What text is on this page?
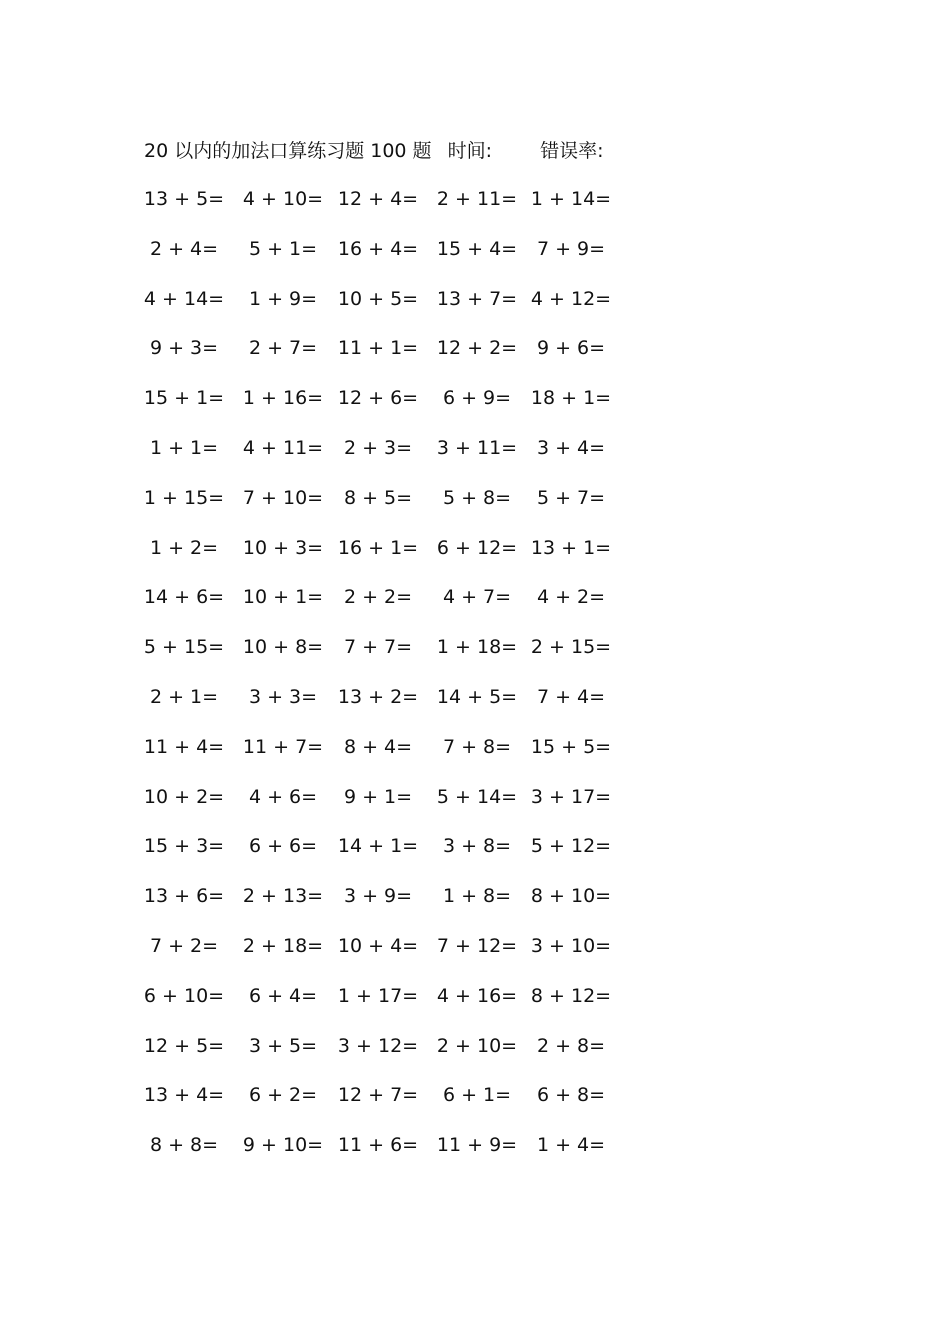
20 以内的加法口算练习题 100 题 时间:	错误率:
13 + 5= 4 + 10= 12 + 4= 2 + 11= 1 + 14=
2 + 4=	5 + 1=	16 + 4= 15 + 4=	7 + 9=
4 + 14=	1 + 9=	10 + 5= 13 + 7= 4 + 12=
9 + 3=	2 + 7=	11 + 1= 12 + 2=	9 + 6=
15 + 1= 1 + 16= 12 + 6=	6 + 9=	18 + 1=
1 + 1=	4 + 11=	2 + 3=	3 + 11=	3 + 4=
1 + 15= 7 + 10=	8 + 5=	5 + 8=	5 + 7=
1 + 2=	10 + 3= 16 + 1= 6 + 12= 13 + 1=
14 + 6= 10 + 1=	2 + 2=	4 + 7=	4 + 2=
5 + 15= 10 + 8=	7 + 7=	1 + 18= 2 + 15=
2 + 1=	3 + 3=	13 + 2= 14 + 5=	7 + 4=
11 + 4= 11 + 7=	8 + 4=	7 + 8=	15 + 5=
10 + 2=	4 + 6=	9 + 1=	5 + 14= 3 + 17=
15 + 3=	6 + 6=	14 + 1=	3 + 8=	5 + 12=
13 + 6= 2 + 13=	3 + 9=	1 + 8=	8 + 10=
7 + 2=	2 + 18= 10 + 4= 7 + 12= 3 + 10=
6 + 10=	6 + 4=	1 + 17= 4 + 16= 8 + 12=
12 + 5=	3 + 5=	3 + 12= 2 + 10=	2 + 8=
13 + 4=	6 + 2=	12 + 7=	6 + 1=	6 + 8=
8 + 8=	9 + 10= 11 + 6= 11 + 9=	1 + 4=
